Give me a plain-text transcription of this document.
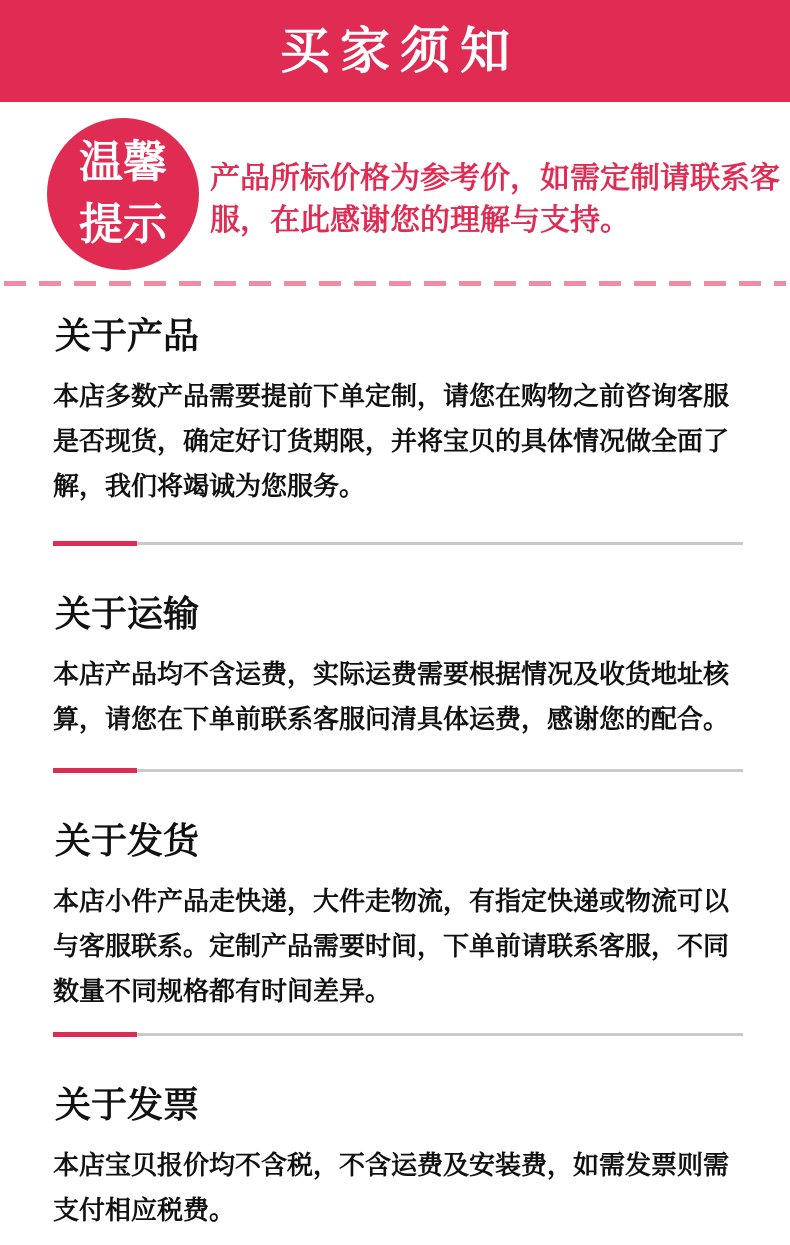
买家须知
温馨
提示

产品所标价格为参考价，如需定制请联系客服，在此感谢您的理解与支持。

关于产品

本店多数产品需要提前下单定制，请您在购物之前咨询客服是否现货，确定好订货期限，并将宝贝的具体情况做全面了解，我们将竭诚为您服务。

关于运输

本店产品均不含运费，实际运费需要根据情况及收货地址核算，请您在下单前联系客服问清具体运费，感谢您的配合。

关于发货

本店小件产品走快递，大件走物流，有指定快递或物流可以与客服联系。定制产品需要时间，下单前请联系客服，不同数量不同规格都有时间差异。

关于发票

本店宝贝报价均不含税，不含运费及安装费，如需发票则需支付相应税费。
